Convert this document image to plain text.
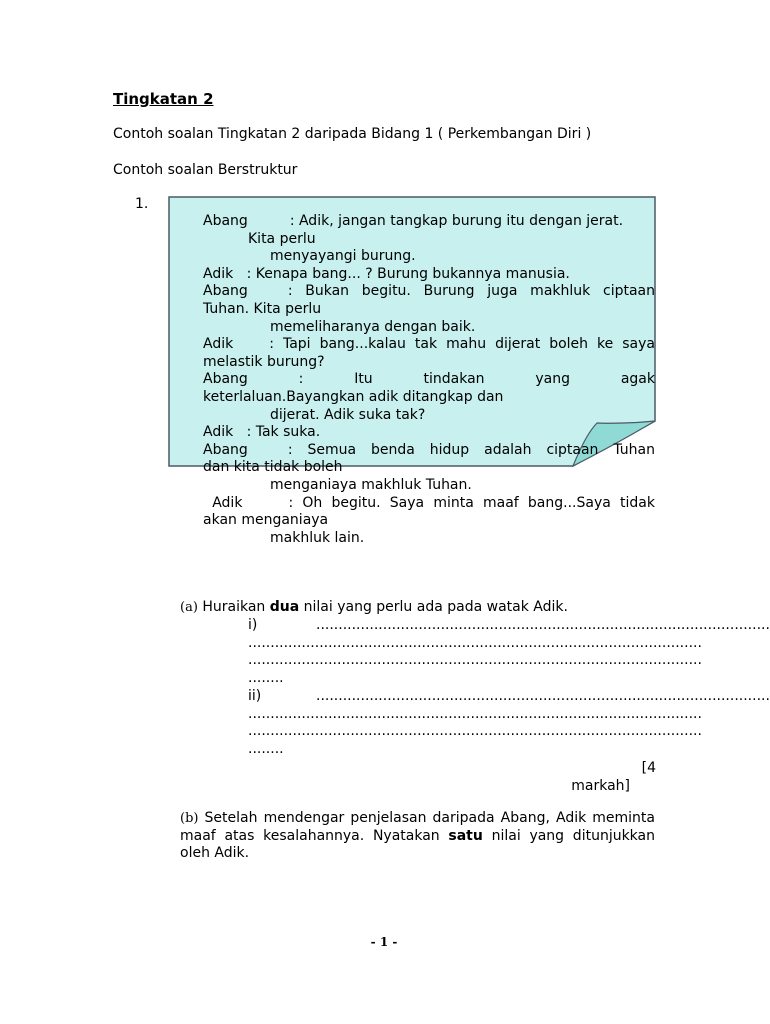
Tingkatan 2
Contoh soalan Tingkatan 2 daripada Bidang 1 ( Perkembangan Diri )
Contoh soalan Berstruktur
1.

Abang	: Adik, jangan tangkap burung itu dengan jerat.

Kita perlu

menyayangi burung.

Adik   : Kenapa bang... ? Burung bukannya manusia.

Abang	: Bukan begitu. Burung juga makhluk ciptaan

Tuhan. Kita perlu

memeliharanya dengan baik.

Adik    : Tapi bang...kalau tak mahu dijerat boleh ke saya

melastik burung?

Abang	:	Itu	tindakan	yang	agak

keterlaluan.Bayangkan adik ditangkap dan

dijerat. Adik suka tak?

Adik   : Tak suka.

Abang	: Semua benda hidup adalah ciptaan Tuhan

dan kita tidak boleh

menganiaya makhluk Tuhan.

Adik     : Oh begitu. Saya minta maaf bang...Saya tidak

akan menganiaya

makhluk lain.

(a) Huraikan dua nilai yang perlu ada pada watak Adik.
i)	......................................................................................................
......................................................................................................
......................................................................................................
........
ii)	......................................................................................................
......................................................................................................
......................................................................................................
........
[4
markah]
(b) Setelah mendengar penjelasan daripada Abang, Adik meminta maaf atas kesalahannya. Nyatakan satu nilai yang ditunjukkan oleh Adik.
- 1 -
